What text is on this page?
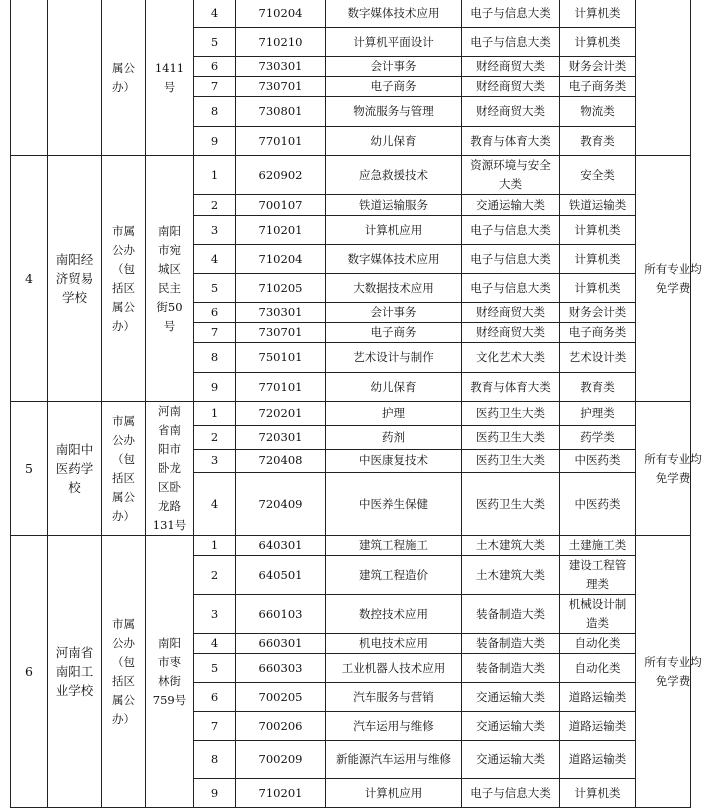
		属公办）	1411号	4	710204	数字媒体技术应用	电子与信息大类	计算机类	

				5	710210	计算机平面设计	电子与信息大类	计算机类	

				6	730301	会计事务	财经商贸大类	财务会计类	

				7	730701	电子商务	财经商贸大类	电子商务类	

				8	730801	物流服务与管理	财经商贸大类	物流类	

				9	770101	幼儿保育	教育与体育大类	教育类	

4	南阳经济贸易学校	市属公办（包括区属公办）	南阳市宛城区民主街50号	1	620902	应急救援技术	资源环境与安全大类	安全类	所有专业均免学费

				2	700107	铁道运输服务	交通运输大类	铁道运输类	

				3	710201	计算机应用	电子与信息大类	计算机类	

				4	710204	数字媒体技术应用	电子与信息大类	计算机类	

				5	710205	大数据技术应用	电子与信息大类	计算机类	

				6	730301	会计事务	财经商贸大类	财务会计类	

				7	730701	电子商务	财经商贸大类	电子商务类	

				8	750101	艺术设计与制作	文化艺术大类	艺术设计类	

				9	770101	幼儿保育	教育与体育大类	教育类	

5	南阳中医药学校	市属公办（包括区属公办）	河南省南阳市卧龙区卧龙路131号	1	720201	护理	医药卫生大类	护理类	所有专业均免学费

				2	720301	药剂	医药卫生大类	药学类	

				3	720408	中医康复技术	医药卫生大类	中医药类	

				4	720409	中医养生保健	医药卫生大类	中医药类	

6	河南省南阳工业学校	市属公办（包括区属公办）	南阳市枣林街759号	1	640301	建筑工程施工	土木建筑大类	土建施工类	所有专业均免学费

				2	640501	建筑工程造价	土木建筑大类	建设工程管理类	

				3	660103	数控技术应用	装备制造大类	机械设计制造类	

				4	660301	机电技术应用	装备制造大类	自动化类	

				5	660303	工业机器人技术应用	装备制造大类	自动化类	

				6	700205	汽车服务与营销	交通运输大类	道路运输类	

				7	700206	汽车运用与维修	交通运输大类	道路运输类	

				8	700209	新能源汽车运用与维修	交通运输大类	道路运输类	

				9	710201	计算机应用	电子与信息大类	计算机类	
